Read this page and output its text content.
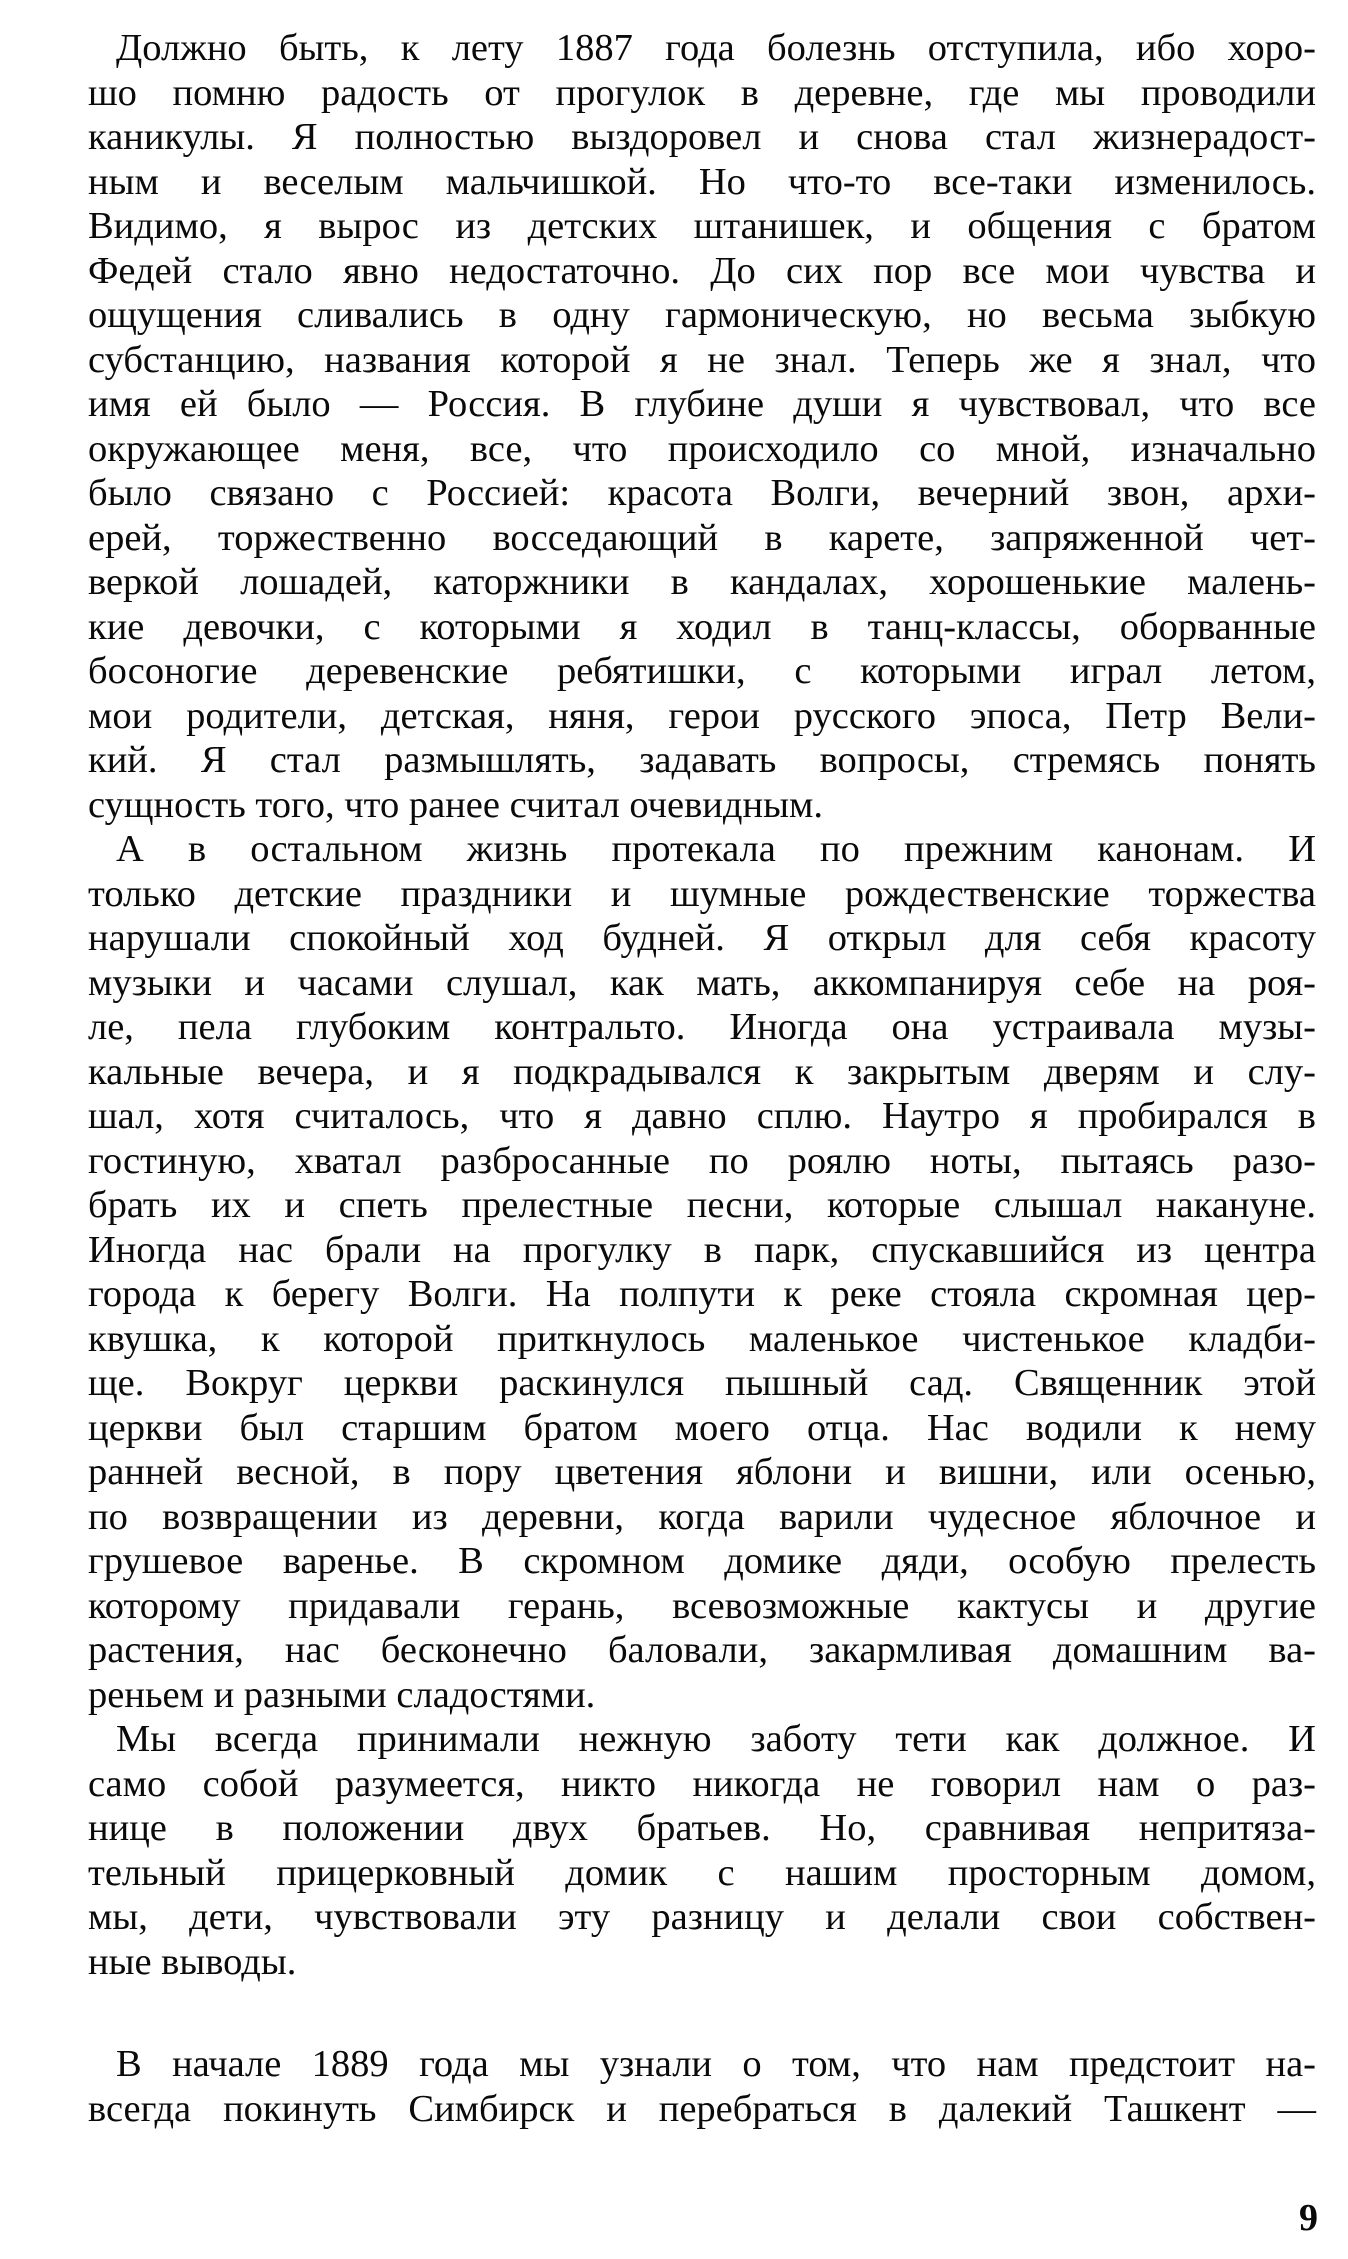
Должно быть, к лету 1887 года болезнь отступила, ибо хоро-
шо помню радость от прогулок в деревне, где мы проводили
каникулы. Я полностью выздоровел и снова стал жизнерадост-
ным и веселым мальчишкой. Но что-то все-таки изменилось.
Видимо, я вырос из детских штанишек, и общения с братом
Федей стало явно недостаточно. До сих пор все мои чувства и
ощущения сливались в одну гармоническую, но весьма зыбкую
субстанцию, названия которой я не знал. Теперь же я знал, что
имя ей было — Россия. В глубине души я чувствовал, что все
окружающее меня, все, что происходило со мной, изначально
было связано с Россией: красота Волги, вечерний звон, архи-
ерей, торжественно восседающий в карете, запряженной чет-
веркой лошадей, каторжники в кандалах, хорошенькие малень-
кие девочки, с которыми я ходил в танц-классы, оборванные
босоногие деревенские ребятишки, с которыми играл летом,
мои родители, детская, няня, герои русского эпоса, Петр Вели-
кий. Я стал размышлять, задавать вопросы, стремясь понять
сущность того, что ранее считал очевидным.
А в остальном жизнь протекала по прежним канонам. И
только детские праздники и шумные рождественские торжества
нарушали спокойный ход будней. Я открыл для себя красоту
музыки и часами слушал, как мать, аккомпанируя себе на роя-
ле, пела глубоким контральто. Иногда она устраивала музы-
кальные вечера, и я подкрадывался к закрытым дверям и слу-
шал, хотя считалось, что я давно сплю. Наутро я пробирался в
гостиную, хватал разбросанные по роялю ноты, пытаясь разо-
брать их и спеть прелестные песни, которые слышал накануне.
Иногда нас брали на прогулку в парк, спускавшийся из центра
города к берегу Волги. На полпути к реке стояла скромная цер-
квушка, к которой приткнулось маленькое чистенькое кладби-
ще. Вокруг церкви раскинулся пышный сад. Священник этой
церкви был старшим братом моего отца. Нас водили к нему
ранней весной, в пору цветения яблони и вишни, или осенью,
по возвращении из деревни, когда варили чудесное яблочное и
грушевое варенье. В скромном домике дяди, особую прелесть
которому придавали герань, всевозможные кактусы и другие
растения, нас бесконечно баловали, закармливая домашним ва-
реньем и разными сладостями.
Мы всегда принимали нежную заботу тети как должное. И
само собой разумеется, никто никогда не говорил нам о раз-
нице в положении двух братьев. Но, сравнивая непритяза-
тельный прицерковный домик с нашим просторным домом,
мы, дети, чувствовали эту разницу и делали свои собствен-
ные выводы.
В начале 1889 года мы узнали о том, что нам предстоит на-
всегда покинуть Симбирск и перебраться в далекий Ташкент —
9
